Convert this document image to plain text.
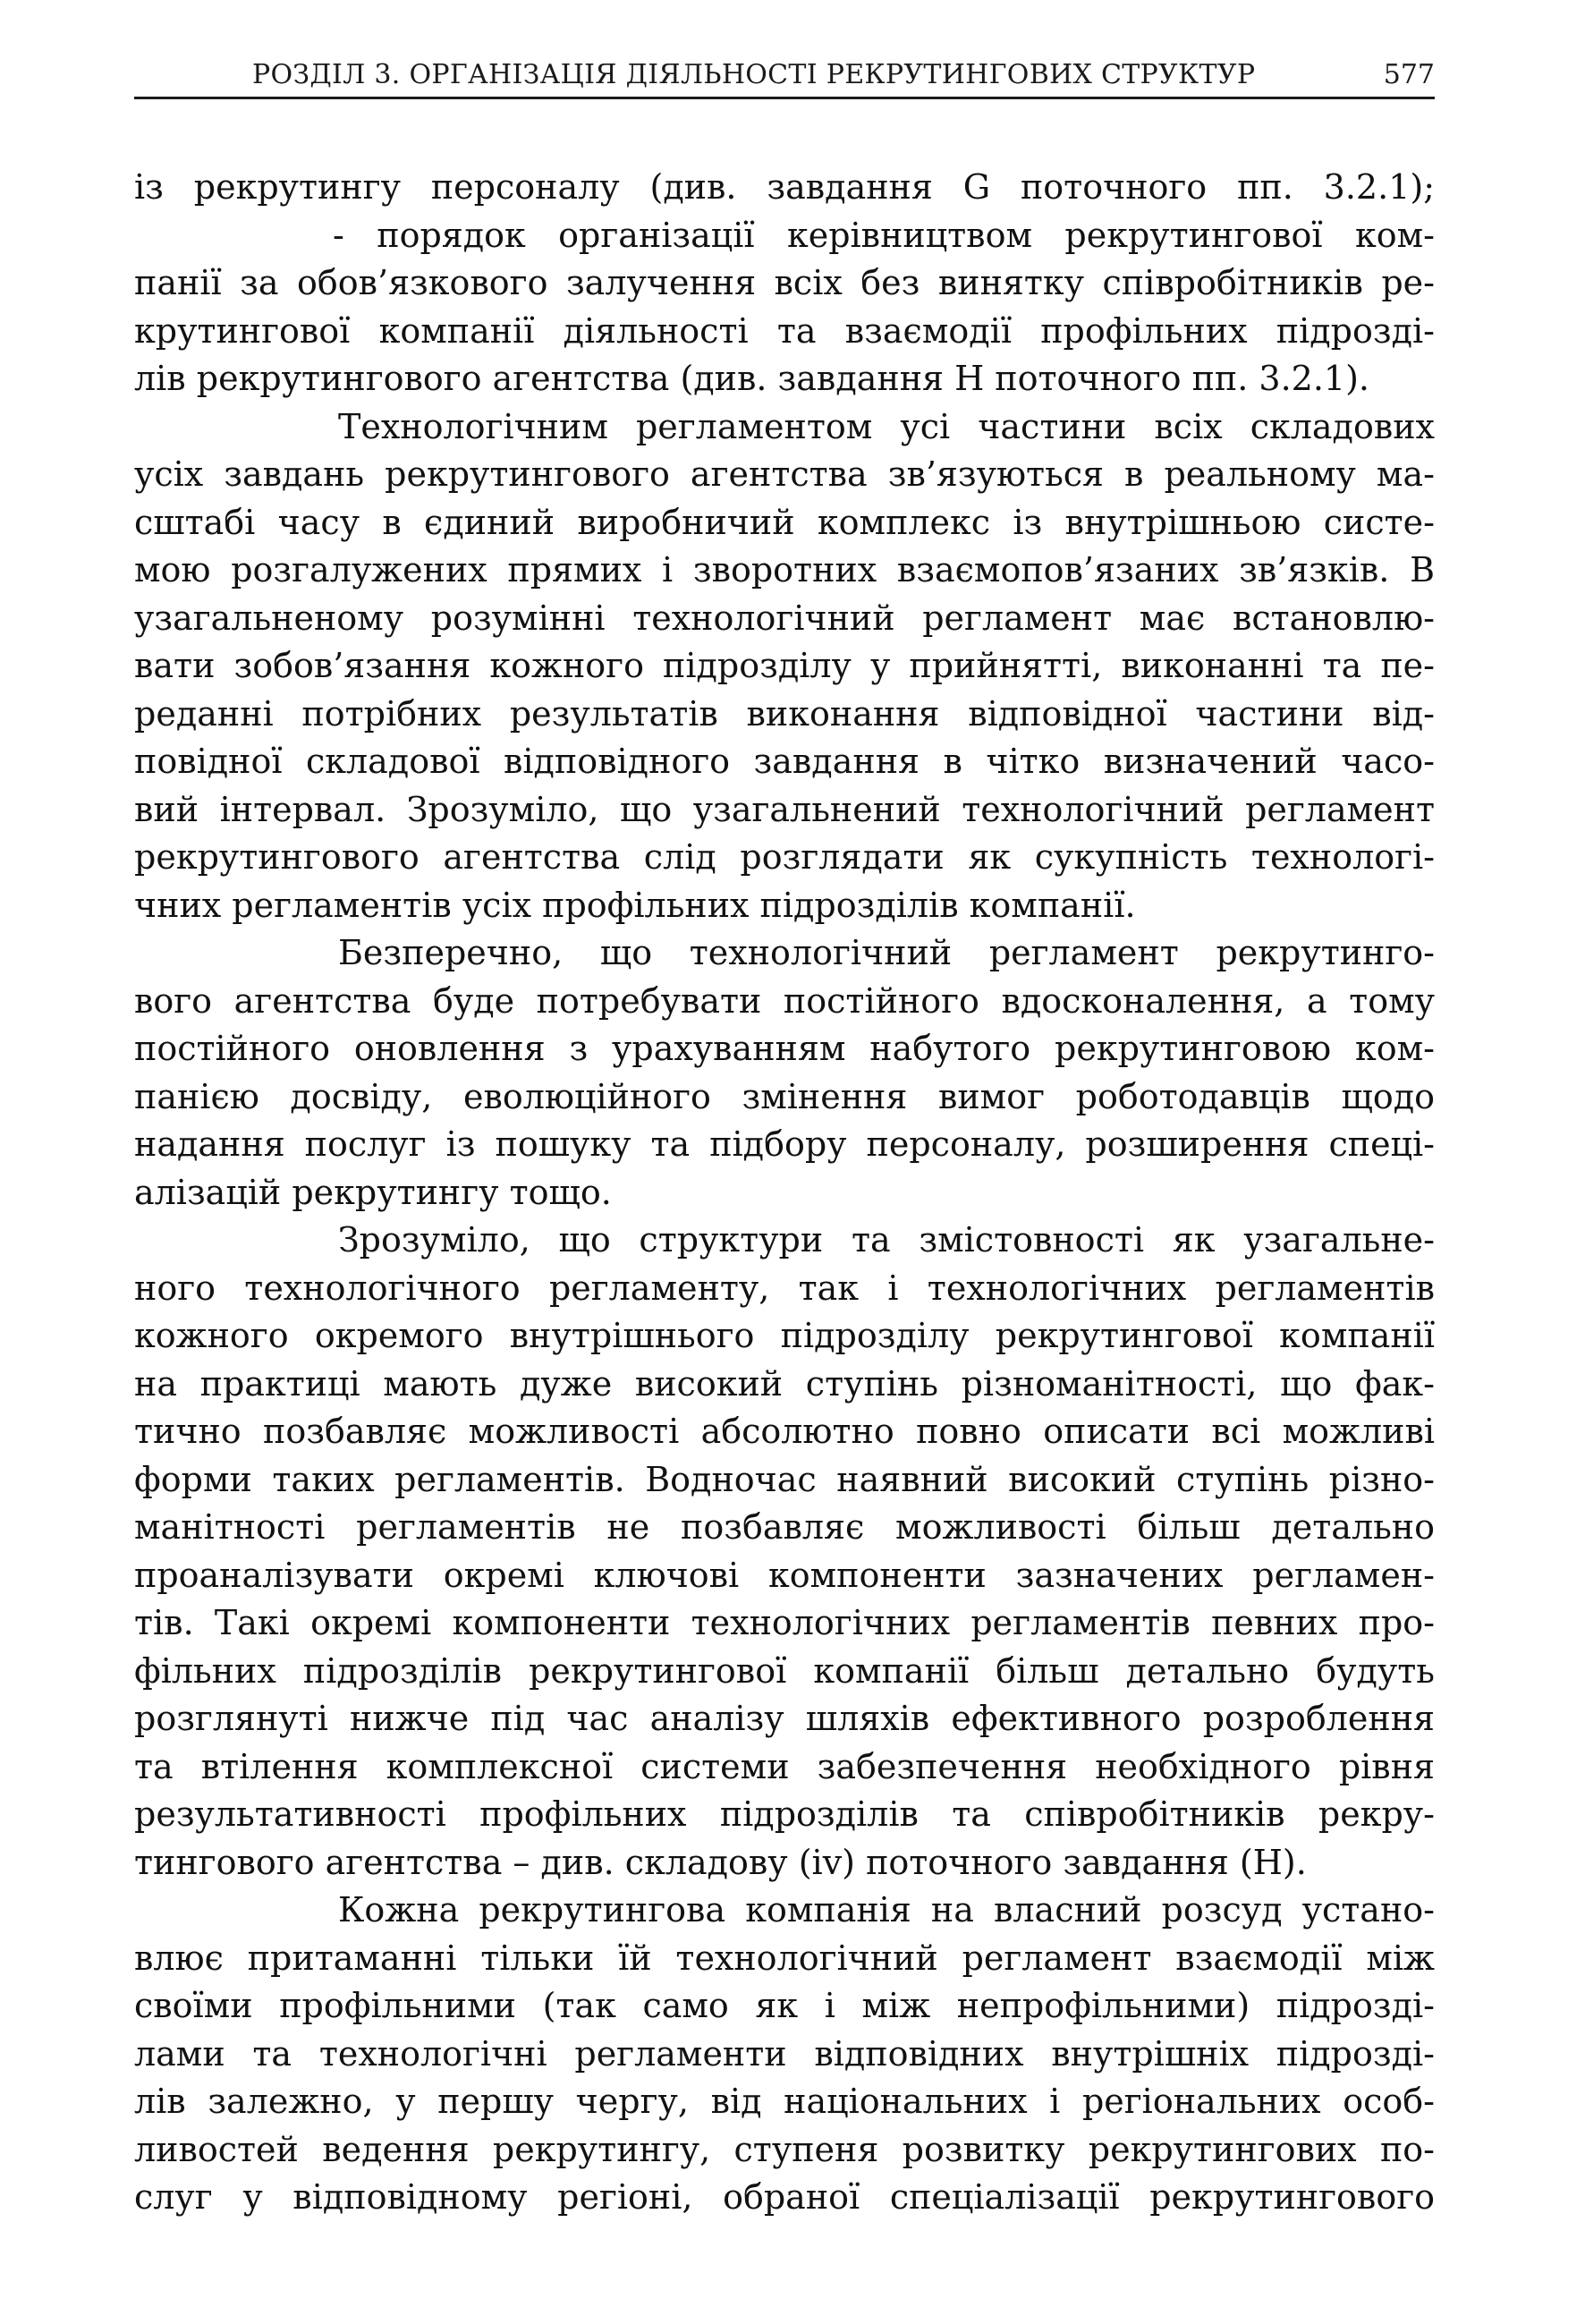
РОЗДІЛ 3. ОРГАНІЗАЦІЯ ДІЯЛЬНОСТІ РЕКРУТИНГОВИХ СТРУКТУР	577
із рекрутингу персоналу (див. завдання G поточного пп. 3.2.1);
- порядок організації керівництвом рекрутингової ком-
панії за обов’язкового залучення всіх без винятку співробітників ре-
крутингової компанії діяльності та взаємодії профільних підрозді-
лів рекрутингового агентства (див. завдання H поточного пп. 3.2.1).
Технологічним регламентом усі частини всіх складових
усіх завдань рекрутингового агентства зв’язуються в реальному ма-
сштабі часу в єдиний виробничий комплекс із внутрішньою систе-
мою розгалужених прямих і зворотних взаємопов’язаних зв’язків. В
узагальненому розумінні технологічний регламент має встановлю-
вати зобов’язання кожного підрозділу у прийнятті, виконанні та пе-
реданні потрібних результатів виконання відповідної частини від-
повідної складової відповідного завдання в чітко визначений часо-
вий інтервал. Зрозуміло, що узагальнений технологічний регламент
рекрутингового агентства слід розглядати як сукупність технологі-
чних регламентів усіх профільних підрозділів компанії.
Безперечно, що технологічний регламент рекрутинго-
вого агентства буде потребувати постійного вдосконалення, а тому
постійного оновлення з урахуванням набутого рекрутинговою ком-
панією досвіду, еволюційного змінення вимог роботодавців щодо
надання послуг із пошуку та підбору персоналу, розширення спеці-
алізацій рекрутингу тощо.
Зрозуміло, що структури та змістовності як узагальне-
ного технологічного регламенту, так і технологічних регламентів
кожного окремого внутрішнього підрозділу рекрутингової компанії
на практиці мають дуже високий ступінь різноманітності, що фак-
тично позбавляє можливості абсолютно повно описати всі можливі
форми таких регламентів. Водночас наявний високий ступінь різно-
манітності регламентів не позбавляє можливості більш детально
проаналізувати окремі ключові компоненти зазначених регламен-
тів. Такі окремі компоненти технологічних регламентів певних про-
фільних підрозділів рекрутингової компанії більш детально будуть
розглянуті нижче під час аналізу шляхів ефективного розроблення
та втілення комплексної системи забезпечення необхідного рівня
результативності профільних підрозділів та співробітників рекру-
тингового агентства – див. складову (iv) поточного завдання (H).
Кожна рекрутингова компанія на власний розсуд устано-
влює притаманні тільки їй технологічний регламент взаємодії між
своїми профільними (так само як і між непрофільними) підрозді-
лами та технологічні регламенти відповідних внутрішніх підрозді-
лів залежно, у першу чергу, від національних і регіональних особ-
ливостей ведення рекрутингу, ступеня розвитку рекрутингових по-
слуг у відповідному регіоні, обраної спеціалізації рекрутингового
